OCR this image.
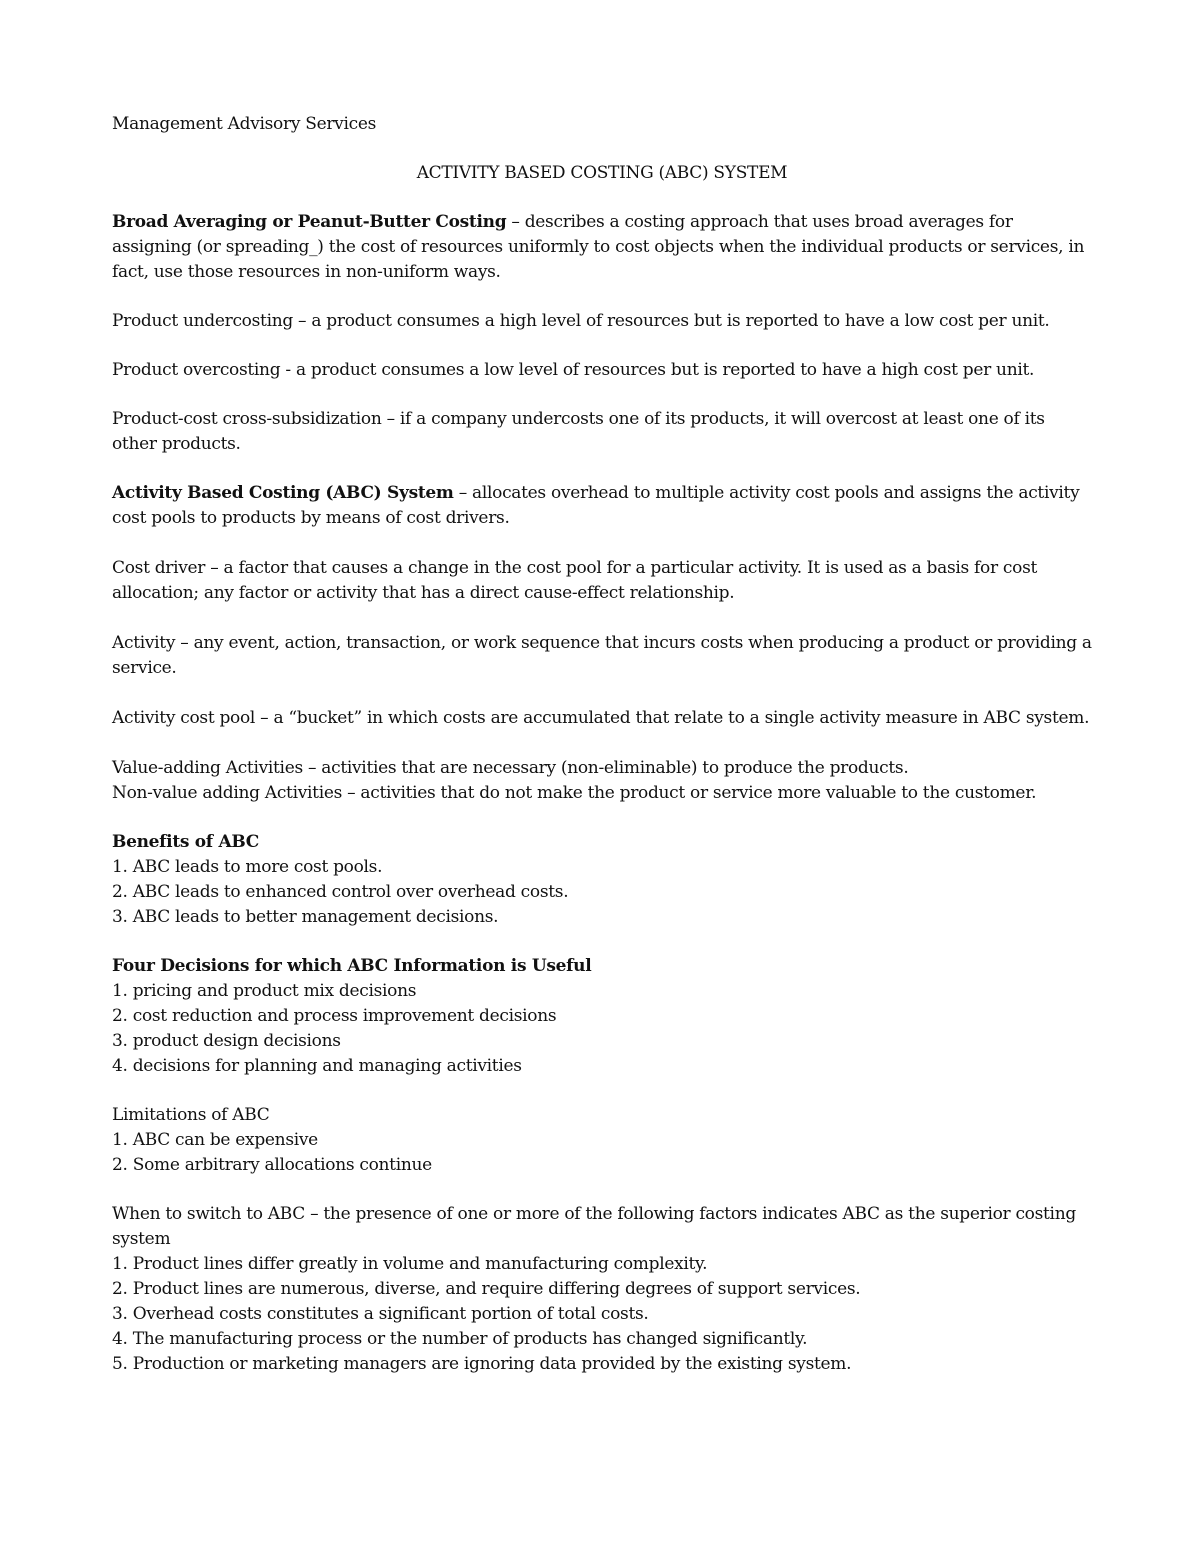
Management Advisory Services
ACTIVITY BASED COSTING (ABC) SYSTEM
Broad Averaging or Peanut-Butter Costing – describes a costing approach that uses broad averages for assigning (or spreading_) the cost of resources uniformly to cost objects when the individual products or services, in fact, use those resources in non-uniform ways.
Product undercosting – a product consumes a high level of resources but is reported to have a low cost per unit.
Product overcosting - a product consumes a low level of resources but is reported to have a high cost per unit.
Product-cost cross-subsidization – if a company undercosts one of its products, it will overcost at least one of its other products.
Activity Based Costing (ABC) System – allocates overhead to multiple activity cost pools and assigns the activity cost pools to products by means of cost drivers.
Cost driver – a factor that causes a change in the cost pool for a particular activity. It is used as a basis for cost allocation; any factor or activity that has a direct cause-effect relationship.
Activity – any event, action, transaction, or work sequence that incurs costs when producing a product or providing a service.
Activity cost pool – a “bucket” in which costs are accumulated that relate to a single activity measure in ABC system.
Value-adding Activities – activities that are necessary (non-eliminable) to produce the products.
Non-value adding Activities – activities that do not make the product or service more valuable to the customer.
Benefits of ABC
1. ABC leads to more cost pools.
2. ABC leads to enhanced control over overhead costs.
3. ABC leads to better management decisions.
Four Decisions for which ABC Information is Useful
1. pricing and product mix decisions
2. cost reduction and process improvement decisions
3. product design decisions
4. decisions for planning and managing activities
Limitations of ABC
1. ABC can be expensive
2. Some arbitrary allocations continue
When to switch to ABC – the presence of one or more of the following factors indicates ABC as the superior costing system
1. Product lines differ greatly in volume and manufacturing complexity.
2. Product lines are numerous, diverse, and require differing degrees of support services.
3. Overhead costs constitutes a significant portion of total costs.
4. The manufacturing process or the number of products has changed significantly.
5. Production or marketing managers are ignoring data provided by the existing system.
